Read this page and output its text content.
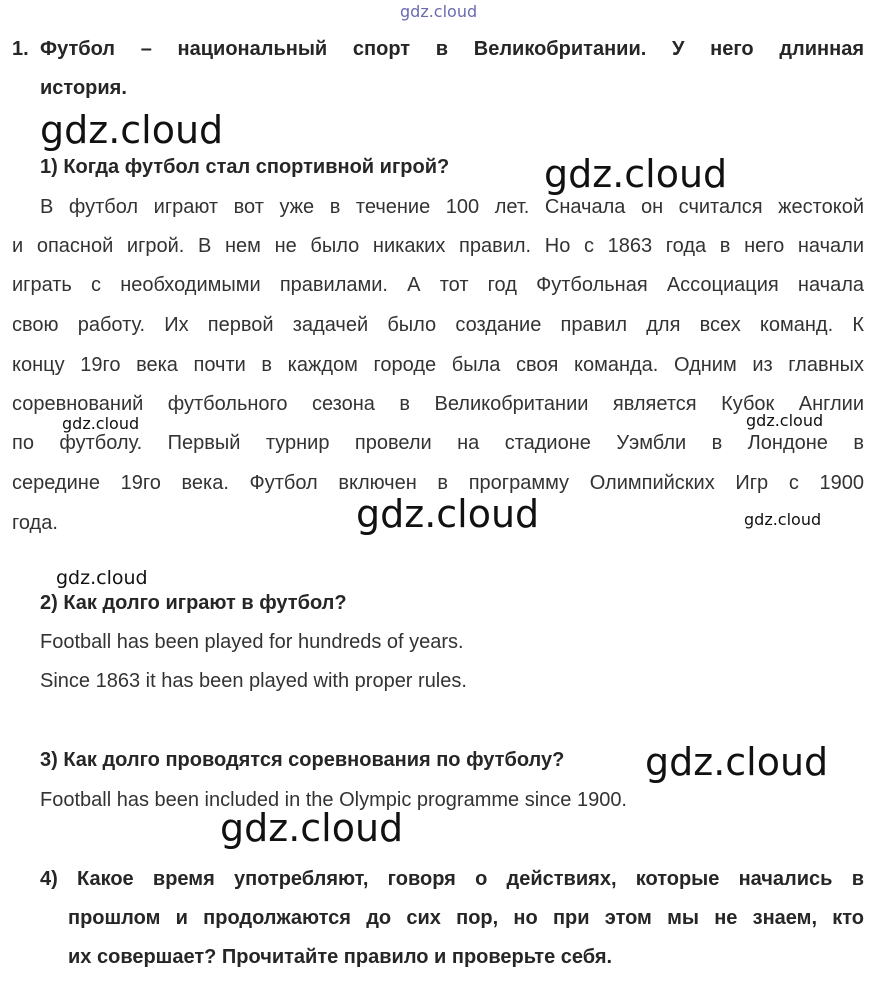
gdz.cloud
1. Футбол – национальный спорт в Великобритании. У него длинная
история.
gdz.cloud
gdz.cloud
1) Когда футбол стал спортивной игрой?
В футбол играют вот уже в течение 100 лет. Сначала он считался жестокой
и опасной игрой. В нем не было никаких правил. Но с 1863 года в него начали
играть с необходимыми правилами. А тот год Футбольная Ассоциация начала
свою работу. Их первой задачей было создание правил для всех команд. К
концу 19го века почти в каждом городе была своя команда. Одним из главных
соревнований футбольного сезона в Великобритании является Кубок Англии
gdz.cloud
gdz.cloud
по футболу. Первый турнир провели на стадионе Уэмбли в Лондоне в
середине 19го века. Футбол включен в программу Олимпийских Игр с 1900
года.	gdz.cloud	gdz.cloud
gdz.cloud
2) Как долго играют в футбол?
Football has been played for hundreds of years.
Since 1863 it has been played with proper rules.
3) Как долго проводятся соревнования по футболу? gdz.cloud
Football has been included in the Olympic programme since 1900.
gdz.cloud
4) Какое время употребляют, говоря о действиях, которые начались в
прошлом и продолжаются до сих пор, но при этом мы не знаем, кто
их совершает? Прочитайте правило и проверьте себя.
